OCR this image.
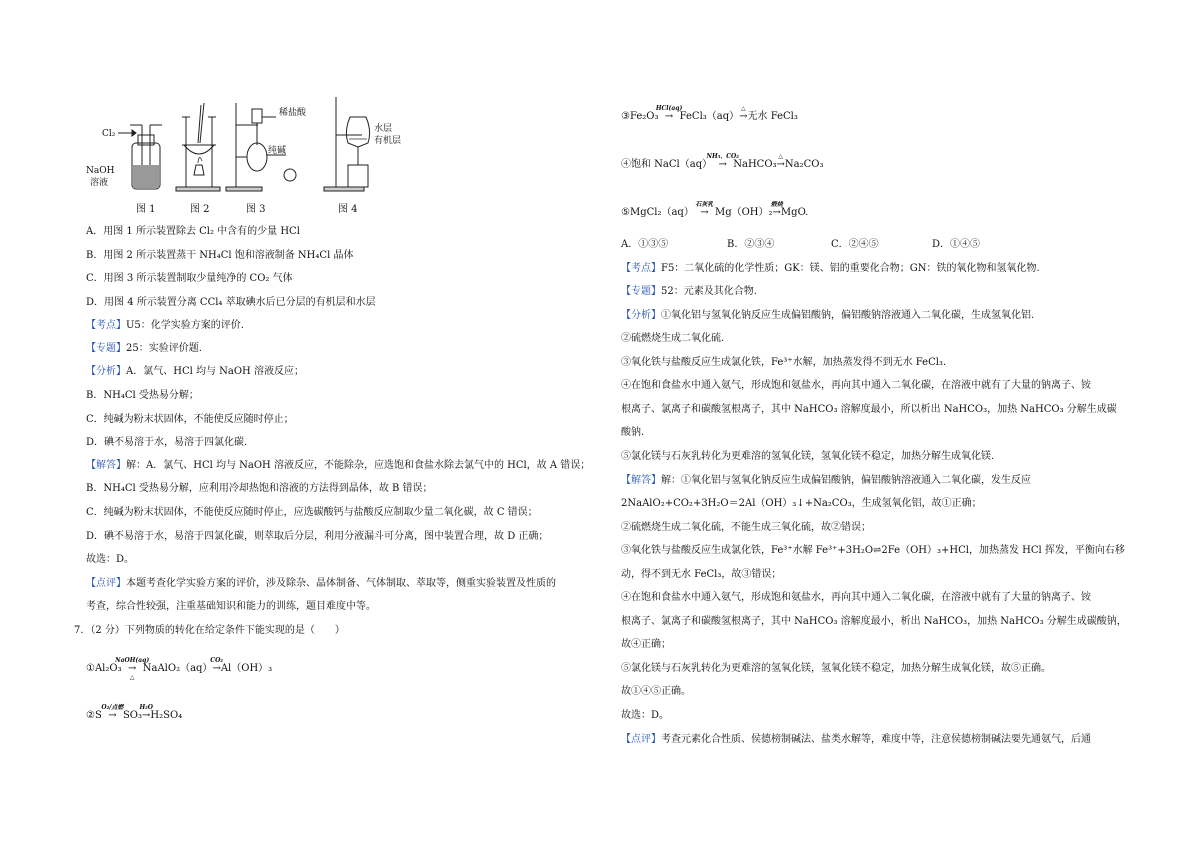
Cl₂
NaOH
溶液
稀盐酸
纯碱
水层
有机层
图 1	图 2	图 3	图 4
A．用图 1 所示装置除去 Cl₂ 中含有的少量 HCl
B．用图 2 所示装置蒸干 NH₄Cl 饱和溶液制备 NH₄Cl 晶体
C．用图 3 所示装置制取少量纯净的 CO₂ 气体
D．用图 4 所示装置分离 CCl₄ 萃取碘水后已分层的有机层和水层
【考点】U5：化学实验方案的评价.
【专题】25：实验评价题.
【分析】A．氯气、HCl 均与 NaOH 溶液反应；
B．NH₄Cl 受热易分解；
C．纯碱为粉末状固体，不能使反应随时停止；
D．碘不易溶于水，易溶于四氯化碳．
【解答】解：A．氯气、HCl 均与 NaOH 溶液反应，不能除杂，应选饱和食盐水除去氯气中的 HCl，故 A 错误；
B．NH₄Cl 受热易分解，应利用冷却热饱和溶液的方法得到晶体，故 B 错误；
C．纯碱为粉末状固体，不能使反应随时停止，应选碳酸钙与盐酸反应制取少量二氧化碳，故 C 错误；
D．碘不易溶于水，易溶于四氯化碳，则萃取后分层，利用分液漏斗可分离，图中装置合理，故 D 正确；
故选：D。
【点评】本题考查化学实验方案的评价，涉及除杂、晶体制备、气体制取、萃取等，侧重实验装置及性质的
考查，综合性较强，注重基础知识和能力的训练，题目难度中等。
7．（2 分）下列物质的转化在给定条件下能实现的是（　　）
①Al₂O₃
NaOH(aq)
△
→  NaAlO₂（aq）
CO₂
→Al（OH）₃
②S
O₂/点燃
→  SO₃
H₂O
→H₂SO₄
③Fe₂O₃
HCl(aq)
→  FeCl₃（aq）
△
→无水 FeCl₃
④饱和 NaCl（aq）
NH₃、CO₂
→  NaHCO₃
△
→Na₂CO₃
⑤MgCl₂（aq）
石灰乳
→  Mg（OH）₂
煅烧
→MgO.
A．①③⑤	B．②③④	C．②④⑤	D．①④⑤
【考点】F5：二氧化硫的化学性质；GK：镁、铝的重要化合物；GN：铁的氧化物和氢氧化物.
【专题】52：元素及其化合物.
【分析】①氧化铝与氢氧化钠反应生成偏铝酸钠，偏铝酸钠溶液通入二氧化碳，生成氢氧化铝.
②硫燃烧生成二氧化硫.
③氧化铁与盐酸反应生成氯化铁，Fe³⁺水解，加热蒸发得不到无水 FeCl₃.
④在饱和食盐水中通入氨气，形成饱和氨盐水，再向其中通入二氧化碳，在溶液中就有了大量的钠离子、铵
根离子、氯离子和碳酸氢根离子，其中 NaHCO₃ 溶解度最小，所以析出 NaHCO₃，加热 NaHCO₃ 分解生成碳
酸钠.
⑤氯化镁与石灰乳转化为更难溶的氢氧化镁，氢氧化镁不稳定，加热分解生成氧化镁.
【解答】解：①氧化铝与氢氧化钠反应生成偏铝酸钠，偏铝酸钠溶液通入二氧化碳，发生反应
2NaAlO₂+CO₂+3H₂O＝2Al（OH）₃↓+Na₂CO₃，生成氢氧化铝，故①正确；
②硫燃烧生成二氧化硫，不能生成三氧化硫，故②错误；
③氧化铁与盐酸反应生成氯化铁，Fe³⁺水解 Fe³⁺+3H₂O⇌2Fe（OH）₃+HCl，加热蒸发 HCl 挥发，平衡向右移
动，得不到无水 FeCl₃，故③错误；
④在饱和食盐水中通入氨气，形成饱和氨盐水，再向其中通入二氧化碳，在溶液中就有了大量的钠离子、铵
根离子、氯离子和碳酸氢根离子，其中 NaHCO₃ 溶解度最小，析出 NaHCO₃，加热 NaHCO₃ 分解生成碳酸钠，
故④正确；
⑤氯化镁与石灰乳转化为更难溶的氢氧化镁，氢氧化镁不稳定，加热分解生成氧化镁，故⑤正确。
故①④⑤正确。
故选：D。
【点评】考查元素化合性质、侯德榜制碱法、盐类水解等，难度中等，注意侯德榜制碱法要先通氨气，后通
